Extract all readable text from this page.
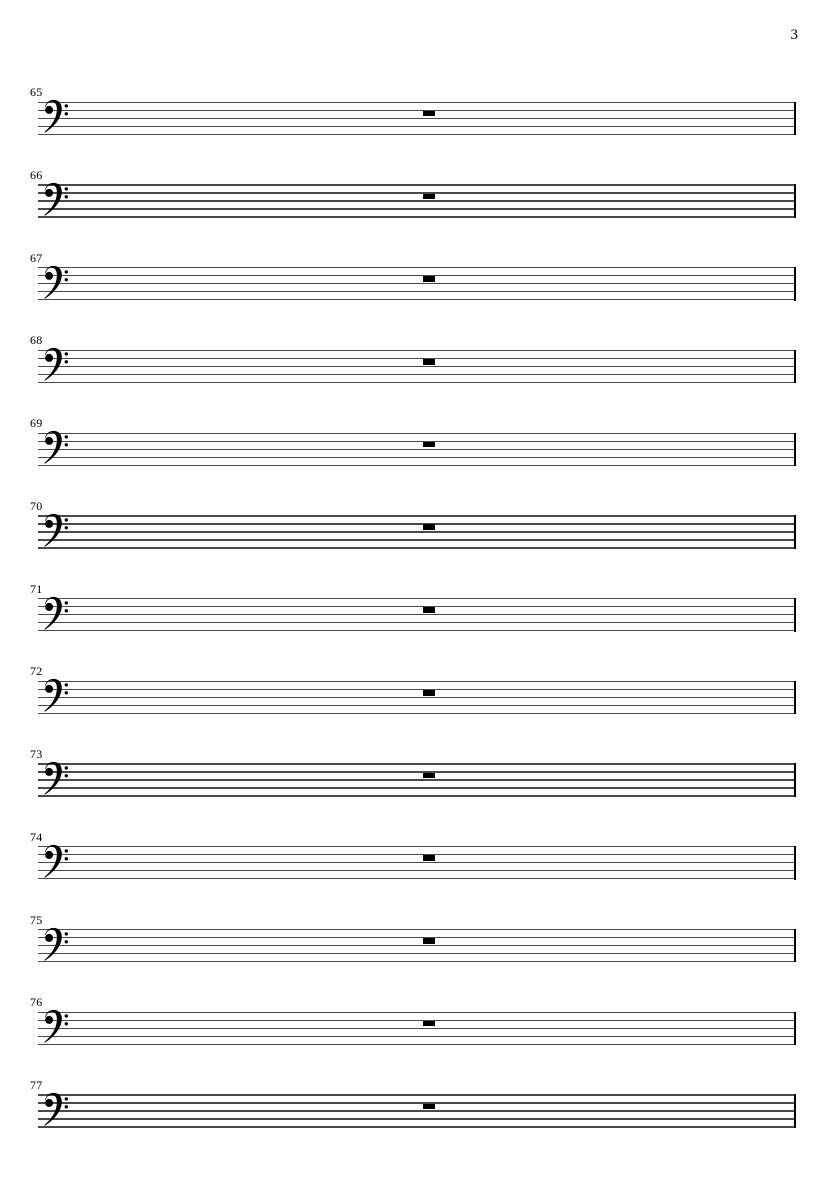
3
65
66
67
68
69
70
71
72
73
74
75
76
77
